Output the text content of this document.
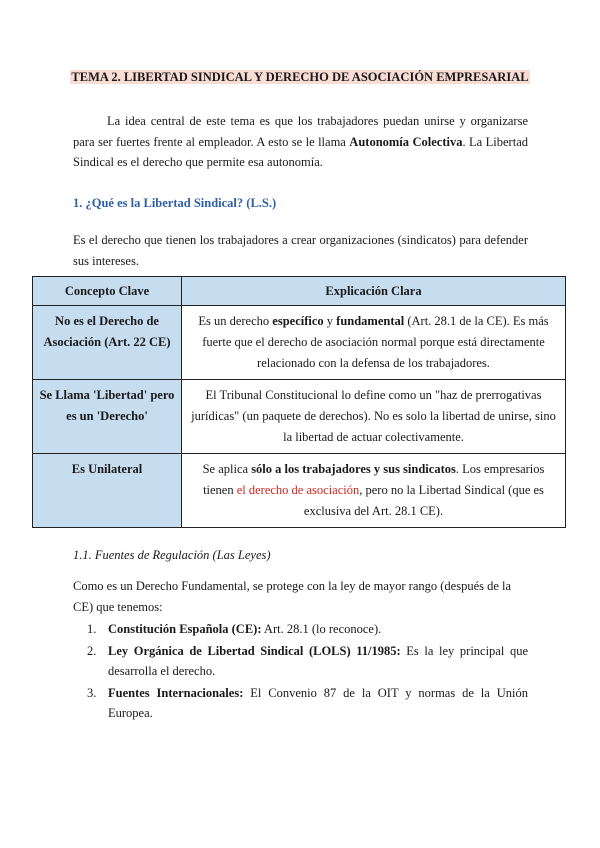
TEMA 2. LIBERTAD SINDICAL Y DERECHO DE ASOCIACIÓN EMPRESARIAL

La idea central de este tema es que los trabajadores puedan unirse y organizarse para ser fuertes frente al empleador. A esto se le llama Autonomía Colectiva. La Libertad Sindical es el derecho que permite esa autonomía.

1. ¿Qué es la Libertad Sindical? (L.S.)

Es el derecho que tienen los trabajadores a crear organizaciones (sindicatos) para defender sus intereses.

Concepto Clave	Explicación Clara
No es el Derecho de Asociación (Art. 22 CE)	Es un derecho específico y fundamental (Art. 28.1 de la CE). Es más fuerte que el derecho de asociación normal porque está directamente relacionado con la defensa de los trabajadores.
Se Llama 'Libertad' pero es un 'Derecho'	El Tribunal Constitucional lo define como un "haz de prerrogativas jurídicas" (un paquete de derechos). No es solo la libertad de unirse, sino la libertad de actuar colectivamente.
Es Unilateral	Se aplica sólo a los trabajadores y sus sindicatos. Los empresarios tienen el derecho de asociación, pero no la Libertad Sindical (que es exclusiva del Art. 28.1 CE).
1.1. Fuentes de Regulación (Las Leyes)

Como es un Derecho Fundamental, se protege con la ley de mayor rango (después de la CE) que tenemos:

1. Constitución Española (CE): Art. 28.1 (lo reconoce).
2. Ley Orgánica de Libertad Sindical (LOLS) 11/1985: Es la ley principal que desarrolla el derecho.
3. Fuentes Internacionales: El Convenio 87 de la OIT y normas de la Unión Europea.
